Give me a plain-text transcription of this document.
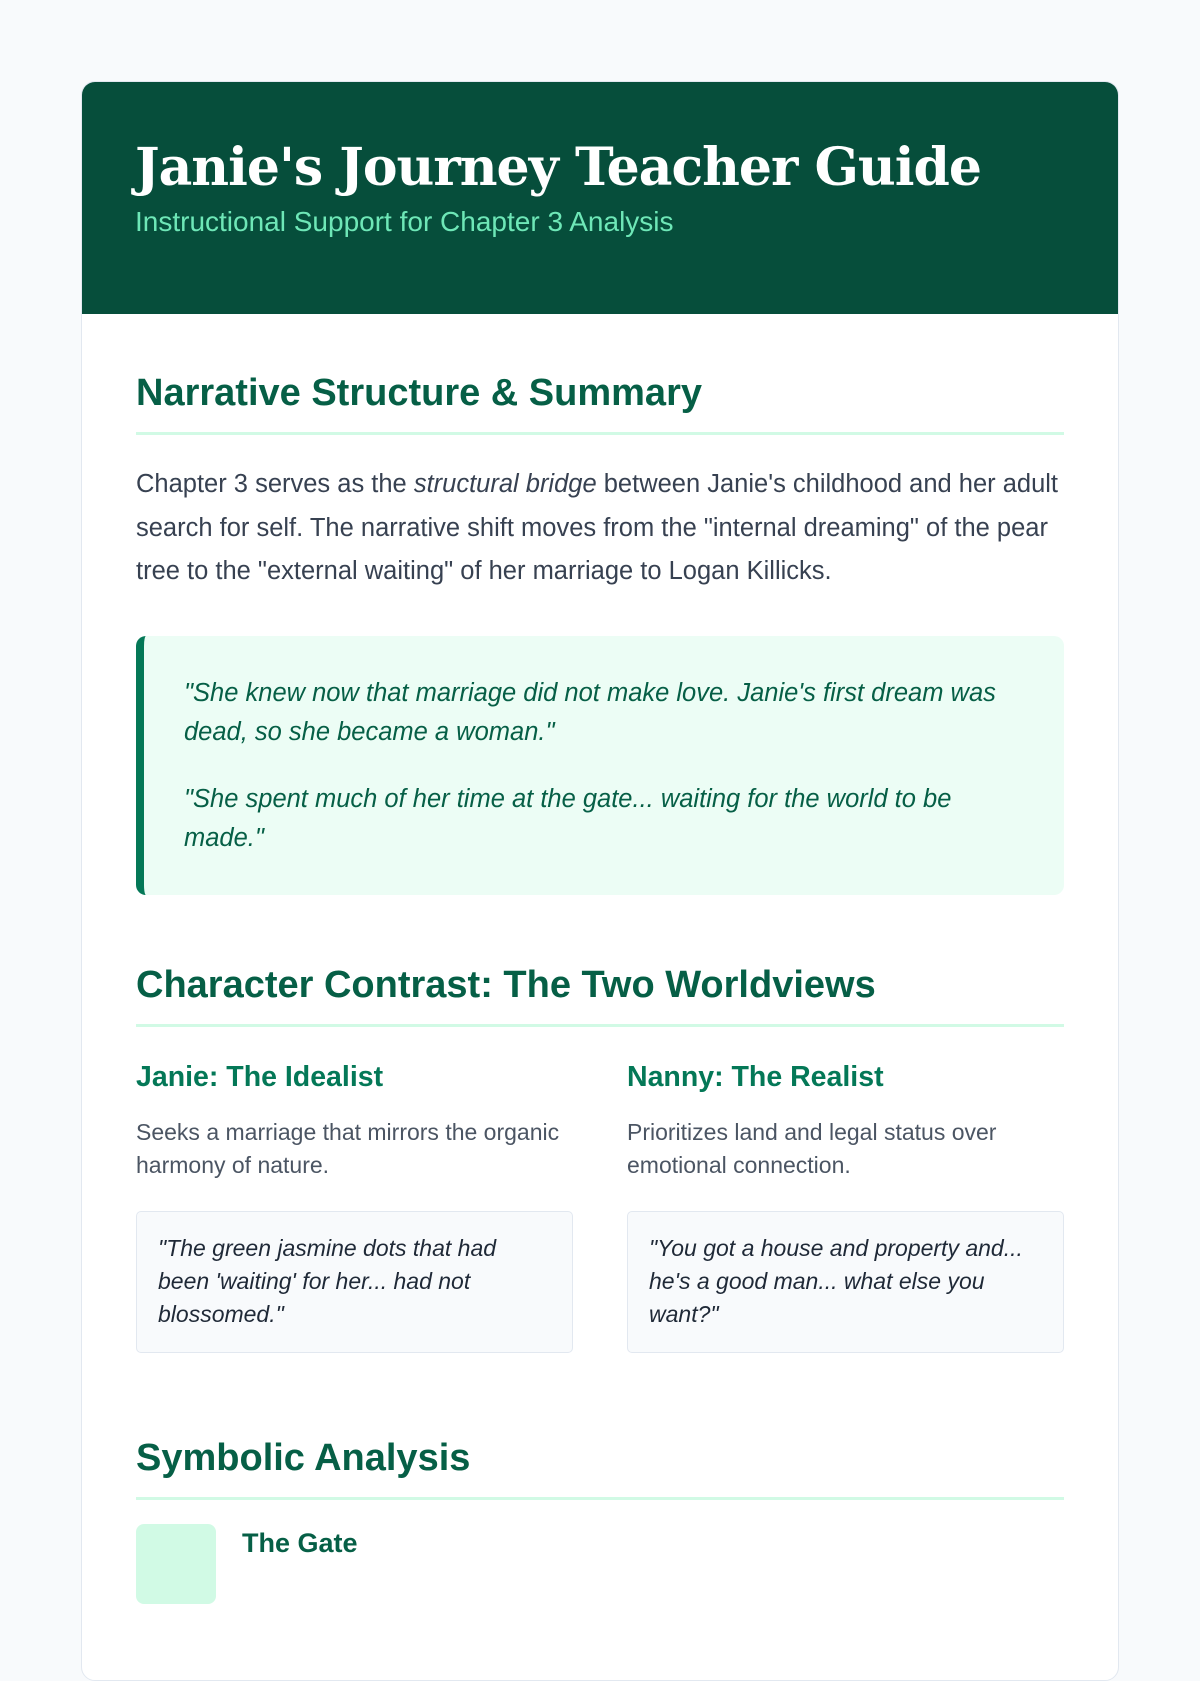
Janie's Journey Teacher Guide
Instructional Support for Chapter 3 Analysis
Narrative Structure & Summary

Chapter 3 serves as the structural bridge between Janie's childhood and her adult search for self. The narrative shift moves from the "internal dreaming" of the pear tree to the "external waiting" of her marriage to Logan Killicks.

"She knew now that marriage did not make love. Janie's first dream was dead, so she became a woman."

"She spent much of her time at the gate... waiting for the world to be made."

Character Contrast: The Two Worldviews
Janie: The Idealist

Seeks a marriage that mirrors the organic harmony of nature.

"The green jasmine dots that had been 'waiting' for her... had not blossomed."
Nanny: The Realist

Prioritizes land and legal status over emotional connection.

"You got a house and property and... he's a good man... what else you want?"
Symbolic Analysis
The Gate
